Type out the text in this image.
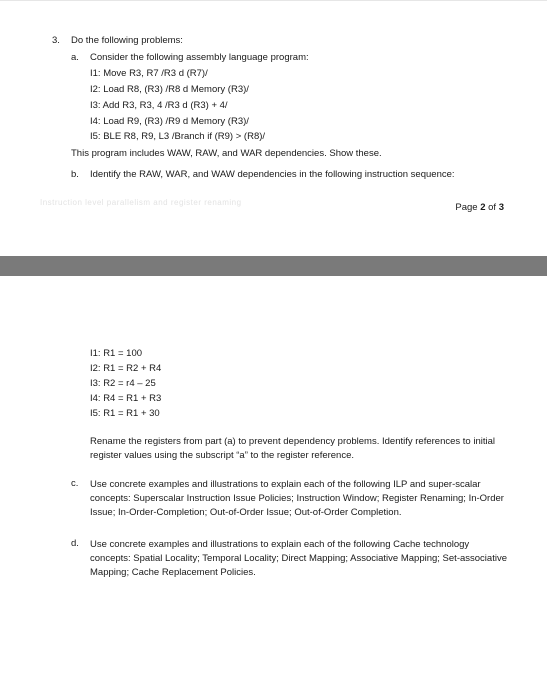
3. Do the following problems:
a. Consider the following assembly language program:
I1: Move R3, R7 /R3 d (R7)/
I2: Load R8, (R3) /R8 d Memory (R3)/
I3: Add R3, R3, 4 /R3 d (R3) + 4/
I4: Load R9, (R3) /R9 d Memory (R3)/
I5: BLE R8, R9, L3 /Branch if (R9) > (R8)/
This program includes WAW, RAW, and WAR dependencies. Show these.
b. Identify the RAW, WAR, and WAW dependencies in the following instruction sequence:
Instruction level parallelism and register renaming	Page 2 of 3
I1: R1 = 100
I2: R1 = R2 + R4
I3: R2 = r4 – 25
I4: R4 = R1 + R3
I5: R1 = R1 + 30
Rename the registers from part (a) to prevent dependency problems. Identify references to initial register values using the subscript “a” to the register reference.
c. Use concrete examples and illustrations to explain each of the following ILP and super-scalar concepts: Superscalar Instruction Issue Policies; Instruction Window; Register Renaming; In-Order Issue; In-Order-Completion; Out-of-Order Issue; Out-of-Order Completion.
d. Use concrete examples and illustrations to explain each of the following Cache technology concepts: Spatial Locality; Temporal Locality; Direct Mapping; Associative Mapping; Set-associative Mapping; Cache Replacement Policies.
